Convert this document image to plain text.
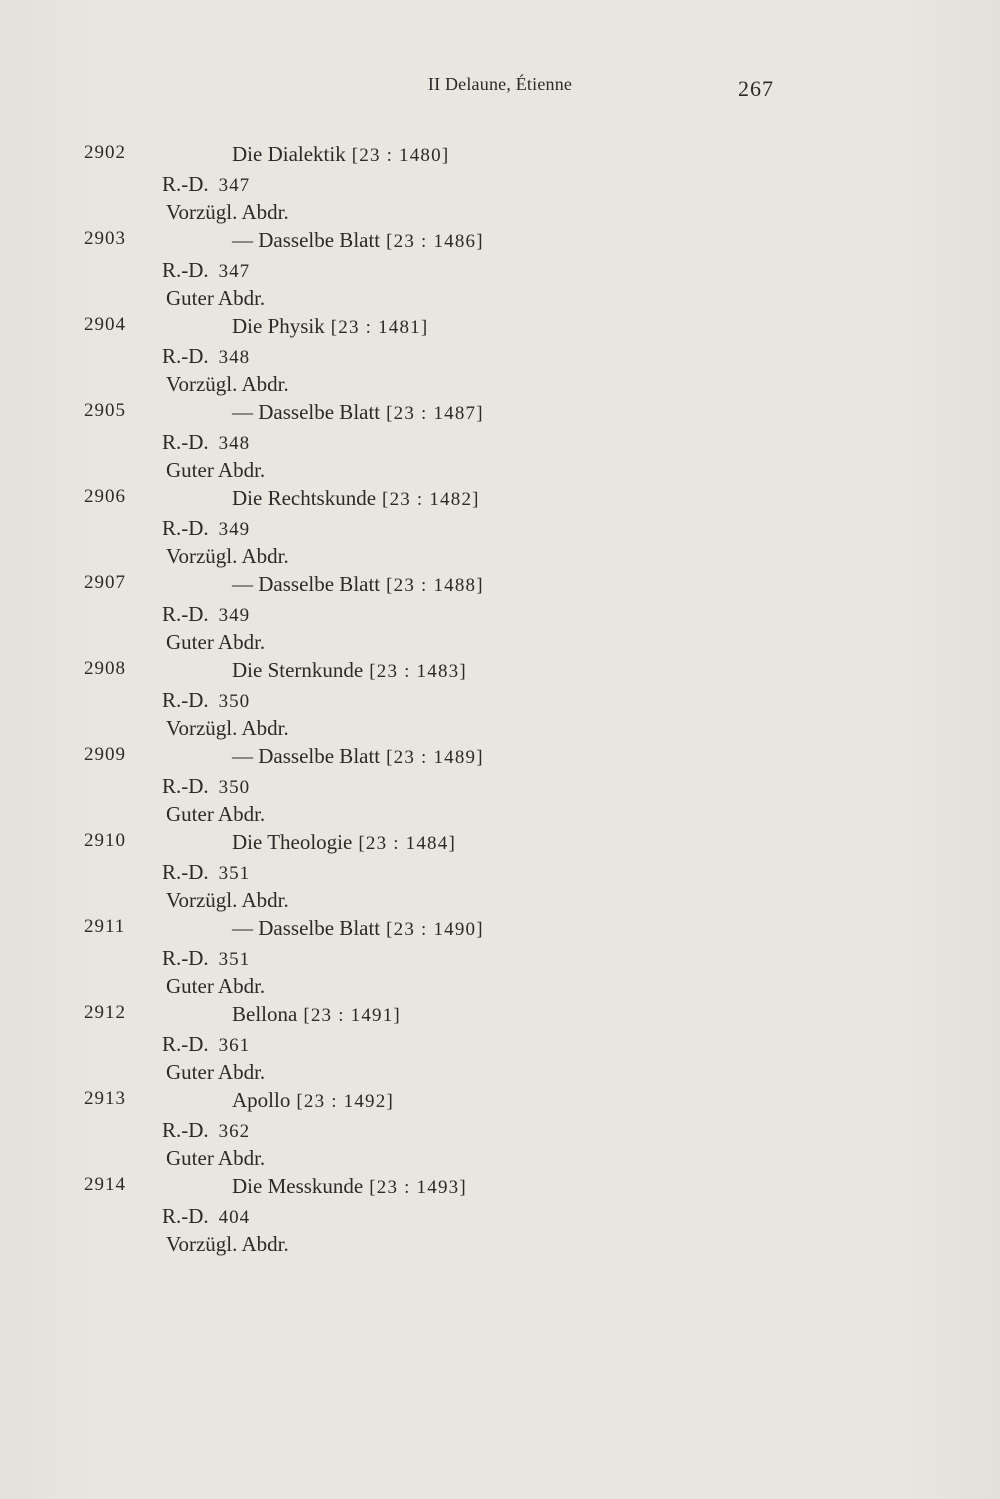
II Delaune, Étienne	267
2902	Die Dialektik [23 : 1480]
R.-D. 347
Vorzügl. Abdr.
2903	— Dasselbe Blatt [23 : 1486]
R.-D. 347
Guter Abdr.
2904	Die Physik [23 : 1481]
R.-D. 348
Vorzügl. Abdr.
2905	— Dasselbe Blatt [23 : 1487]
R.-D. 348
Guter Abdr.
2906	Die Rechtskunde [23 : 1482]
R.-D. 349
Vorzügl. Abdr.
2907	— Dasselbe Blatt [23 : 1488]
R.-D. 349
Guter Abdr.
2908	Die Sternkunde [23 : 1483]
R.-D. 350
Vorzügl. Abdr.
2909	— Dasselbe Blatt [23 : 1489]
R.-D. 350
Guter Abdr.
2910	Die Theologie [23 : 1484]
R.-D. 351
Vorzügl. Abdr.
2911	— Dasselbe Blatt [23 : 1490]
R.-D. 351
Guter Abdr.
2912	Bellona [23 : 1491]
R.-D. 361
Guter Abdr.
2913	Apollo [23 : 1492]
R.-D. 362
Guter Abdr.
2914	Die Messkunde [23 : 1493]
R.-D. 404
Vorzügl. Abdr.
